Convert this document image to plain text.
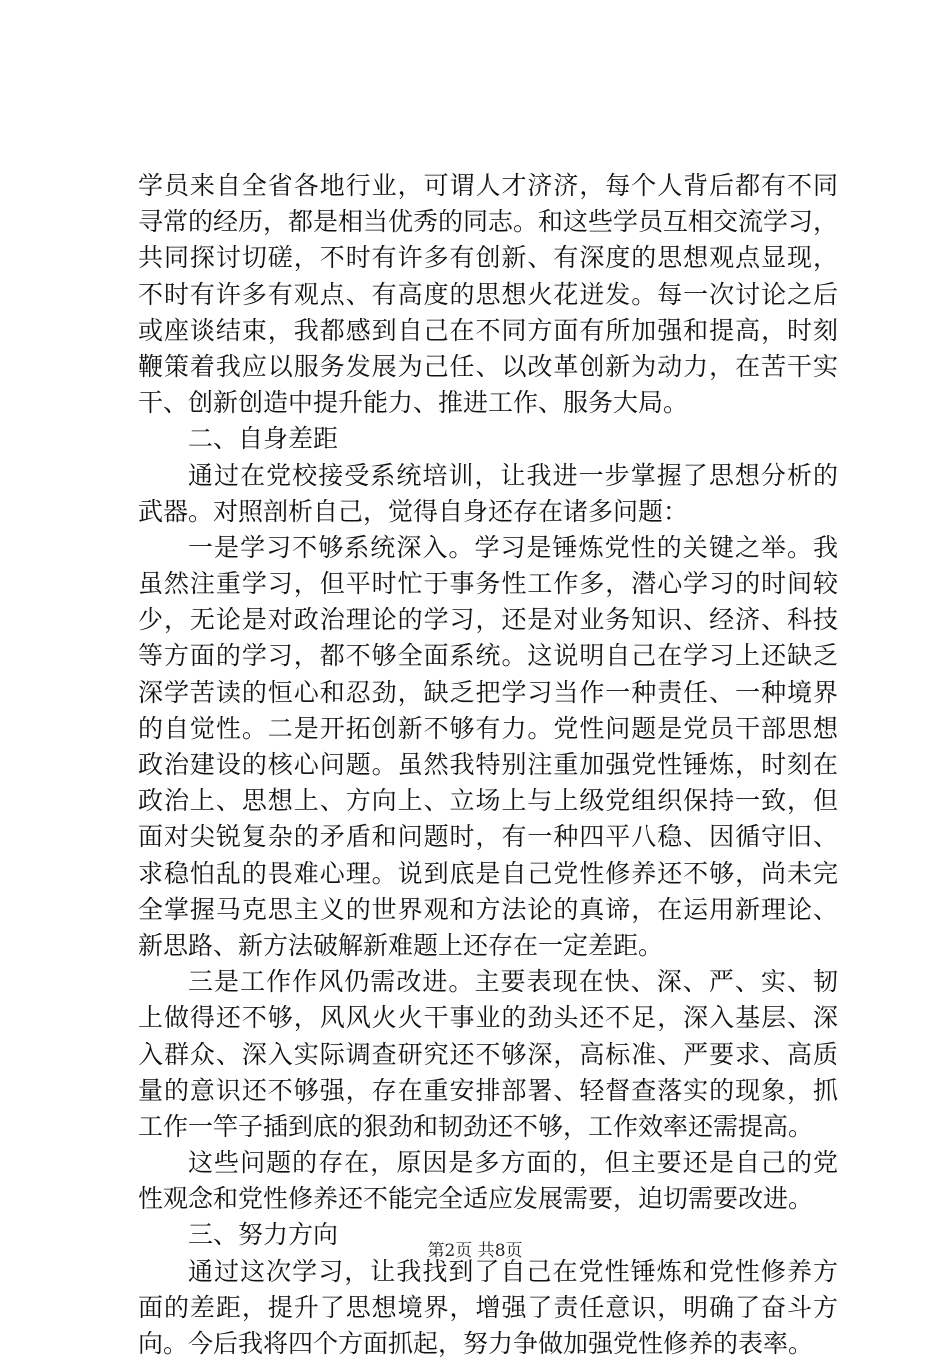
学员来自全省各地行业，可谓人才济济，每个人背后都有不同
寻常的经历，都是相当优秀的同志。和这些学员互相交流学习，
共同探讨切磋，不时有许多有创新、有深度的思想观点显现，
不时有许多有观点、有高度的思想火花迸发。每一次讨论之后
或座谈结束，我都感到自己在不同方面有所加强和提高，时刻
鞭策着我应以服务发展为己任、以改革创新为动力，在苦干实
干、创新创造中提升能力、推进工作、服务大局。
二、自身差距
通过在党校接受系统培训，让我进一步掌握了思想分析的
武器。对照剖析自己，觉得自身还存在诸多问题：
一是学习不够系统深入。学习是锤炼党性的关键之举。我
虽然注重学习，但平时忙于事务性工作多，潜心学习的时间较
少，无论是对政治理论的学习，还是对业务知识、经济、科技
等方面的学习，都不够全面系统。这说明自己在学习上还缺乏
深学苦读的恒心和忍劲，缺乏把学习当作一种责任、一种境界
的自觉性。二是开拓创新不够有力。党性问题是党员干部思想
政治建设的核心问题。虽然我特别注重加强党性锤炼，时刻在
政治上、思想上、方向上、立场上与上级党组织保持一致，但
面对尖锐复杂的矛盾和问题时，有一种四平八稳、因循守旧、
求稳怕乱的畏难心理。说到底是自己党性修养还不够，尚未完
全掌握马克思主义的世界观和方法论的真谛，在运用新理论、
新思路、新方法破解新难题上还存在一定差距。
三是工作作风仍需改进。主要表现在快、深、严、实、韧
上做得还不够，风风火火干事业的劲头还不足，深入基层、深
入群众、深入实际调查研究还不够深，高标准、严要求、高质
量的意识还不够强，存在重安排部署、轻督查落实的现象，抓
工作一竿子插到底的狠劲和韧劲还不够，工作效率还需提高。
这些问题的存在，原因是多方面的，但主要还是自己的党
性观念和党性修养还不能完全适应发展需要，迫切需要改进。
三、努力方向
通过这次学习，让我找到了自己在党性锤炼和党性修养方
面的差距，提升了思想境界，增强了责任意识，明确了奋斗方
向。今后我将四个方面抓起，努力争做加强党性修养的表率。
第2页 共8页
